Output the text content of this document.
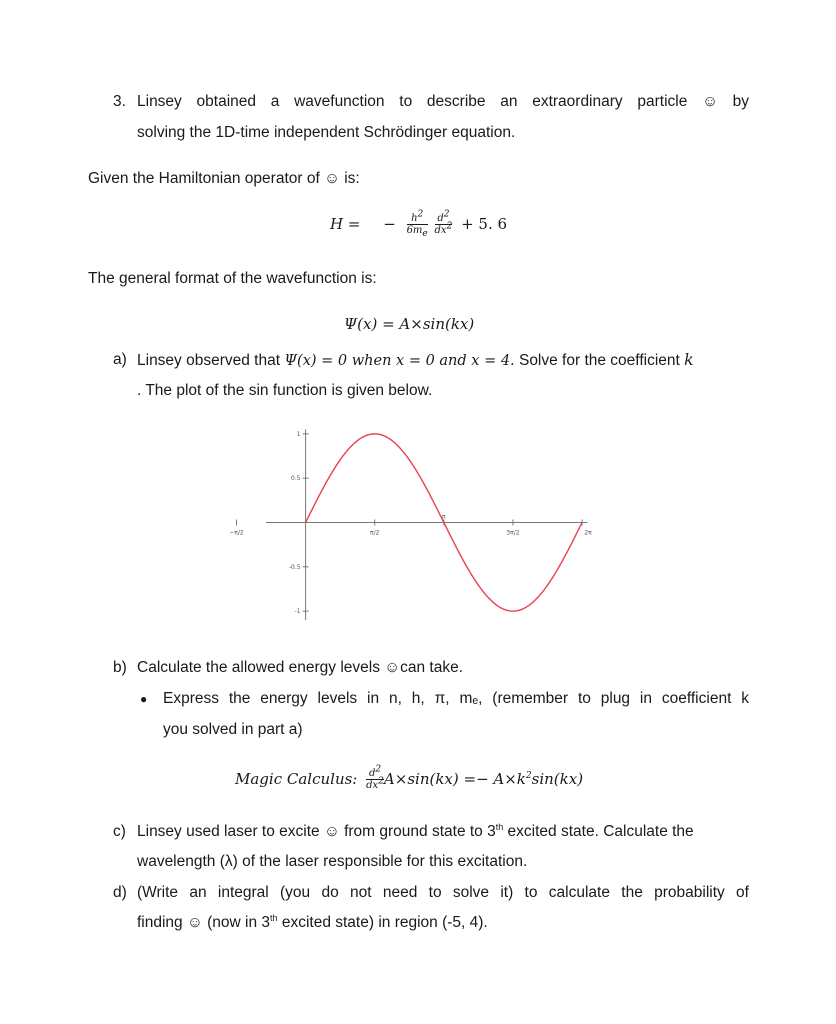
3. Linsey obtained a wavefunction to describe an extraordinary particle ☺ by
solving the 1D-time independent Schrödinger equation.
Given the Hamiltonian operator of ☺ is:
H = − $\frac{h^2}{6m_e}$
$\frac{d^2}{dx^2} + 5$. 6
The general format of the wavefunction is:
Ψ(x) = A×sin(kx)
a) Linsey observed that Ψ(x) = 0 when x = 0 and x = 4. Solve for the coefficient k
. The plot of the sin function is given below.
−π/2	π/2
π
3π/2	2π
1
0.5
-0.5
-1
b) Calculate the allowed energy levels ☺can take.
● Express the energy levels in n, h, π, mₑ, (remember to plug in coefficient k
you solved in part a)
Magic Calculus: $\frac{d^2}{dx^2} A\times\sin(kx) =- A\times k^2\sin(kx)$
c) Linsey used laser to excite ☺ from ground state to 3th excited state. Calculate the
wavelength (λ) of the laser responsible for this excitation.
d) (Write an integral (you do not need to solve it) to calculate the probability of
finding ☺ (now in 3th excited state) in region (-5, 4).
